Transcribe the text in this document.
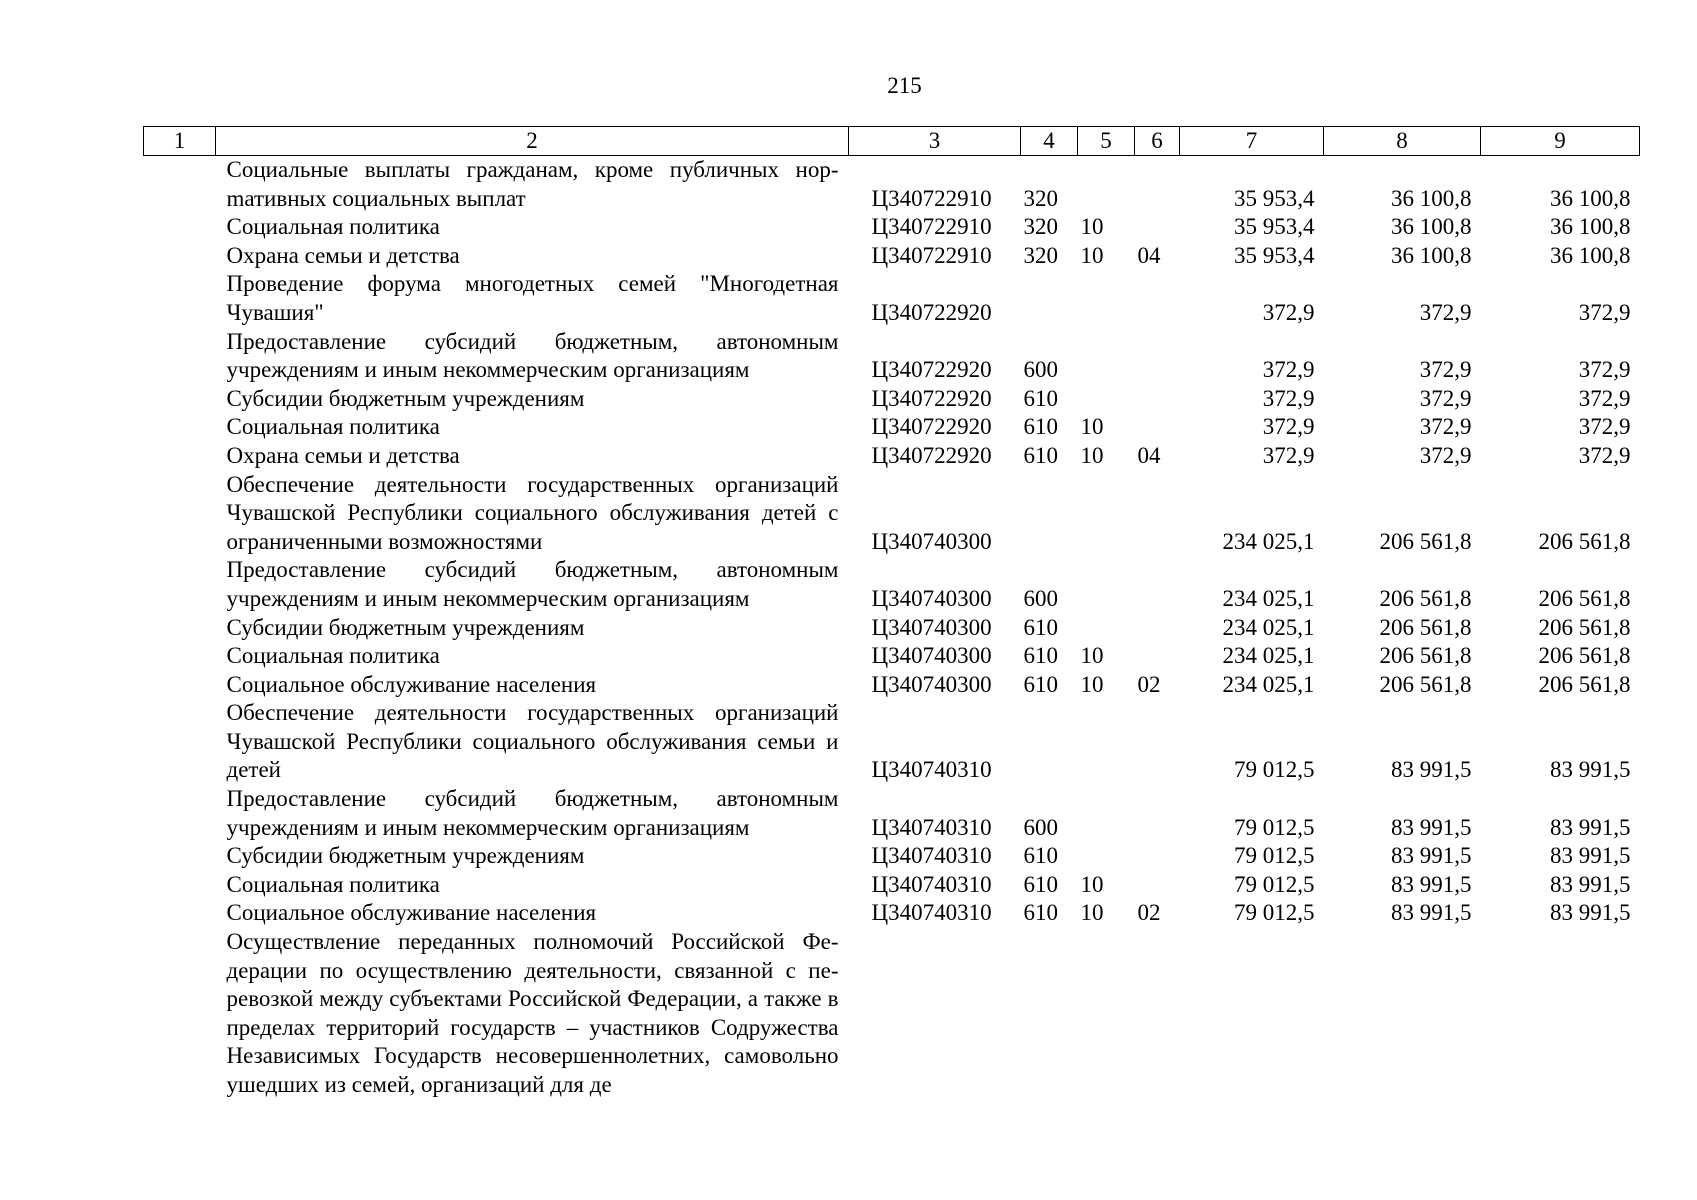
215
1	2	3	4	5	6	7	8	9
	Социальные выплаты гражданам, кроме публичных норmативных социальных выплат	Ц340722910	320			35 953,4	36 100,8	36 100,8
	Социальная политика	Ц340722910	320	10		35 953,4	36 100,8	36 100,8
	Охрана семьи и детства	Ц340722910	320	10	04	35 953,4	36 100,8	36 100,8
	Проведение форума многодетных семей "Многодетная Чувашия"	Ц340722920				372,9	372,9	372,9
	Предоставление субсидий бюджетным, автономным учреждениям и иным некоммерческим организациям	Ц340722920	600			372,9	372,9	372,9
	Субсидии бюджетным учреждениям	Ц340722920	610			372,9	372,9	372,9
	Социальная политика	Ц340722920	610	10		372,9	372,9	372,9
	Охрана семьи и детства	Ц340722920	610	10	04	372,9	372,9	372,9
	Обеспечение деятельности государственных организаций Чувашской Республики социального обслуживания детей с ограниченными возможностями	Ц340740300				234 025,1	206 561,8	206 561,8
	Предоставление субсидий бюджетным, автономным учреждениям и иным некоммерческим организациям	Ц340740300	600			234 025,1	206 561,8	206 561,8
	Субсидии бюджетным учреждениям	Ц340740300	610			234 025,1	206 561,8	206 561,8
	Социальная политика	Ц340740300	610	10		234 025,1	206 561,8	206 561,8
	Социальное обслуживание населения	Ц340740300	610	10	02	234 025,1	206 561,8	206 561,8
	Обеспечение деятельности государственных организаций Чувашской Республики социального обслуживания семьи и детей	Ц340740310				79 012,5	83 991,5	83 991,5
	Предоставление субсидий бюджетным, автономным учреждениям и иным некоммерческим организациям	Ц340740310	600			79 012,5	83 991,5	83 991,5
	Субсидии бюджетным учреждениям	Ц340740310	610			79 012,5	83 991,5	83 991,5
	Социальная политика	Ц340740310	610	10		79 012,5	83 991,5	83 991,5
	Социальное обслуживание населения	Ц340740310	610	10	02	79 012,5	83 991,5	83 991,5
	Осуществление переданных полномочий Российской Федерации по осуществлению деятельности, связанной с перевозкой между субъектами Российской Федерации, а также в пределах территорий государств – участников Содружества Независимых Государств несовершеннолетних, самовольно ушедших из семей, организаций для де							
